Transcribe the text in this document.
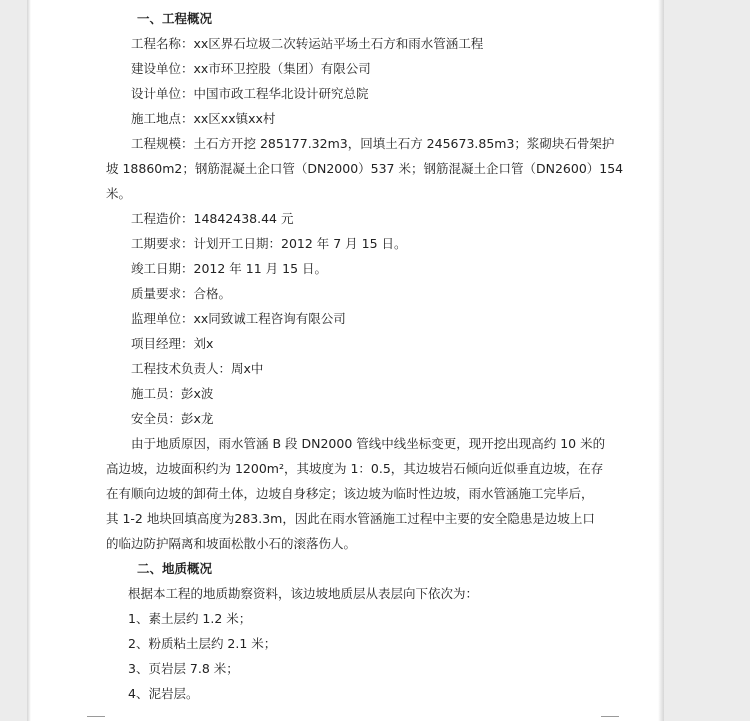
一、工程概况
工程名称：xx区界石垃圾二次转运站平场土石方和雨水管涵工程
建设单位：xx市环卫控股（集团）有限公司
设计单位：中国市政工程华北设计研究总院
施工地点：xx区xx镇xx村
工程规模：土石方开挖 285177.32m3，回填土石方 245673.85m3；浆砌块石骨架护
坡 18860m2；钢筋混凝土企口管（DN2000）537 米；钢筋混凝土企口管（DN2600）154
米。
工程造价：14842438.44 元
工期要求：计划开工日期：2012 年 7 月 15 日。
竣工日期：2012 年 11 月 15 日。
质量要求：合格。
监理单位：xx同致诚工程咨询有限公司
项目经理：刘x
工程技术负责人：周x中
施工员：彭x波
安全员：彭x龙
由于地质原因，雨水管涵 B 段 DN2000 管线中线坐标变更，现开挖出现高约 10 米的
高边坡，边坡面积约为 1200m²，其坡度为 1：0.5，其边坡岩石倾向近似垂直边坡，在存
在有顺向边坡的卸荷土体，边坡自身移定；该边坡为临时性边坡，雨水管涵施工完毕后，
其 1-2 地块回填高度为283.3m，因此在雨水管涵施工过程中主要的安全隐患是边坡上口
的临边防护隔离和坡面松散小石的滚落伤人。
二、地质概况
根据本工程的地质勘察资料，该边坡地质层从表层向下依次为：
1、素土层约 1.2 米；
2、粉质粘土层约 2.1 米；
3、页岩层 7.8 米；
4、泥岩层。
